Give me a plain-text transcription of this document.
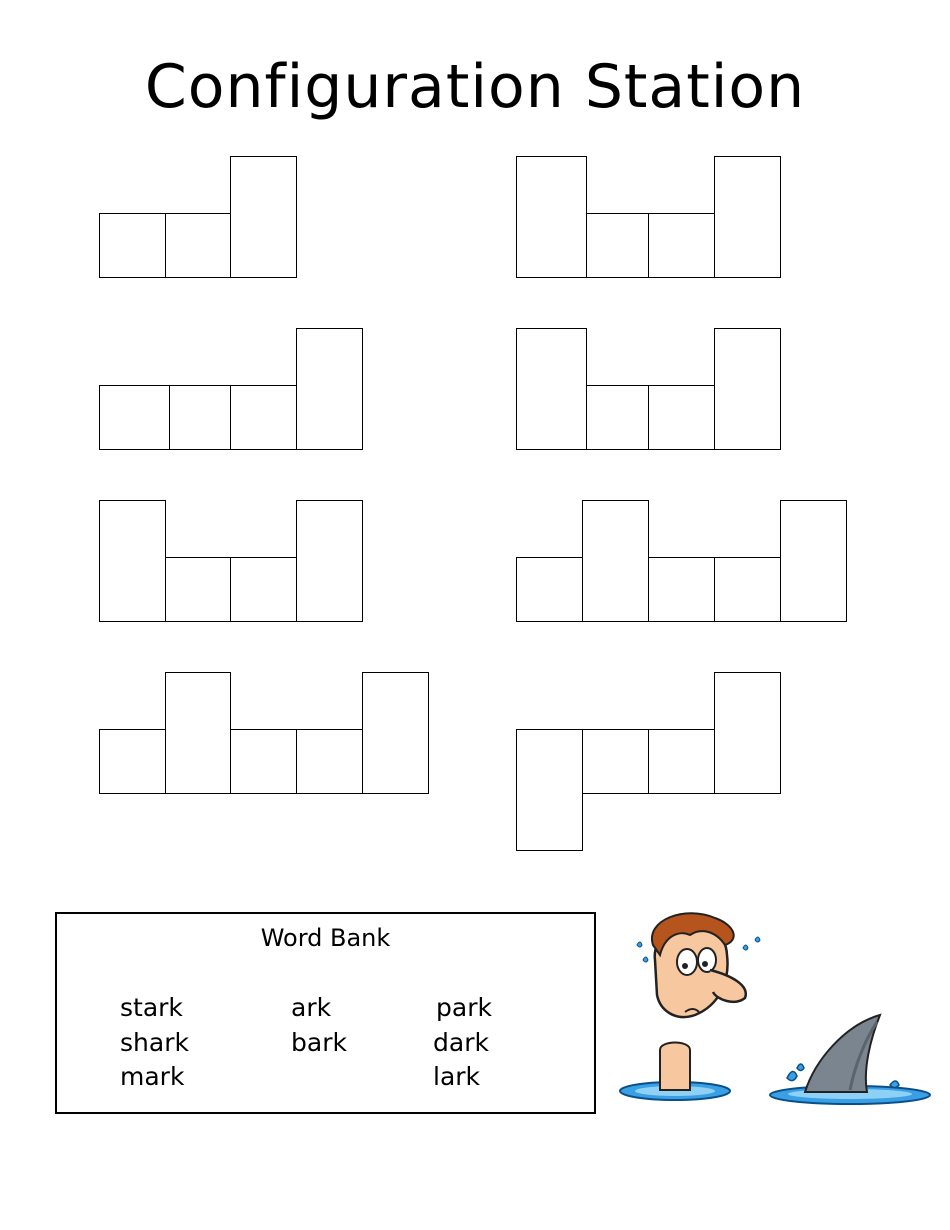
Configuration Station
Word Bank
stark
shark
mark
ark
bark
park
dark
lark
